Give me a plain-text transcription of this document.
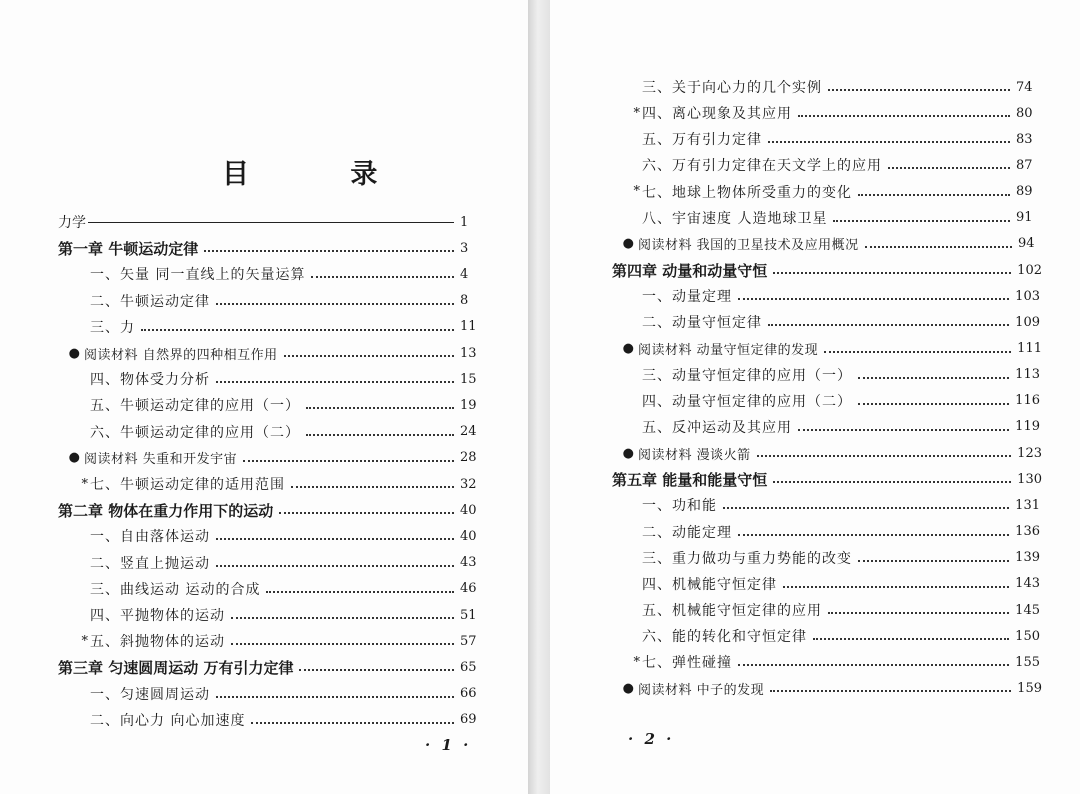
目 录
力学	1
第一章 牛顿运动定律	3
一、矢量 同一直线上的矢量运算	4
二、牛顿运动定律	8
三、力	11
● 阅读材料 自然界的四种相互作用	13
四、物体受力分析	15
五、牛顿运动定律的应用（一）	19
六、牛顿运动定律的应用（二）	24
● 阅读材料 失重和开发宇宙	28
* 七、牛顿运动定律的适用范围	32
第二章 物体在重力作用下的运动	40
一、自由落体运动	40
二、竖直上抛运动	43
三、曲线运动 运动的合成	46
四、平抛物体的运动	51
* 五、斜抛物体的运动	57
第三章 匀速圆周运动 万有引力定律	65
一、匀速圆周运动	66
二、向心力 向心加速度	69
· 1 ·
三、关于向心力的几个实例	74
* 四、离心现象及其应用	80
五、万有引力定律	83
六、万有引力定律在天文学上的应用	87
* 七、地球上物体所受重力的变化	89
八、宇宙速度 人造地球卫星	91
● 阅读材料 我国的卫星技术及应用概况	94
第四章 动量和动量守恒	102
一、动量定理	103
二、动量守恒定律	109
● 阅读材料 动量守恒定律的发现	111
三、动量守恒定律的应用（一）	113
四、动量守恒定律的应用（二）	116
五、反冲运动及其应用	119
● 阅读材料 漫谈火箭	123
第五章 能量和能量守恒	130
一、功和能	131
二、动能定理	136
三、重力做功与重力势能的改变	139
四、机械能守恒定律	143
五、机械能守恒定律的应用	145
六、能的转化和守恒定律	150
* 七、弹性碰撞	155
● 阅读材料 中子的发现	159
· 2 ·
